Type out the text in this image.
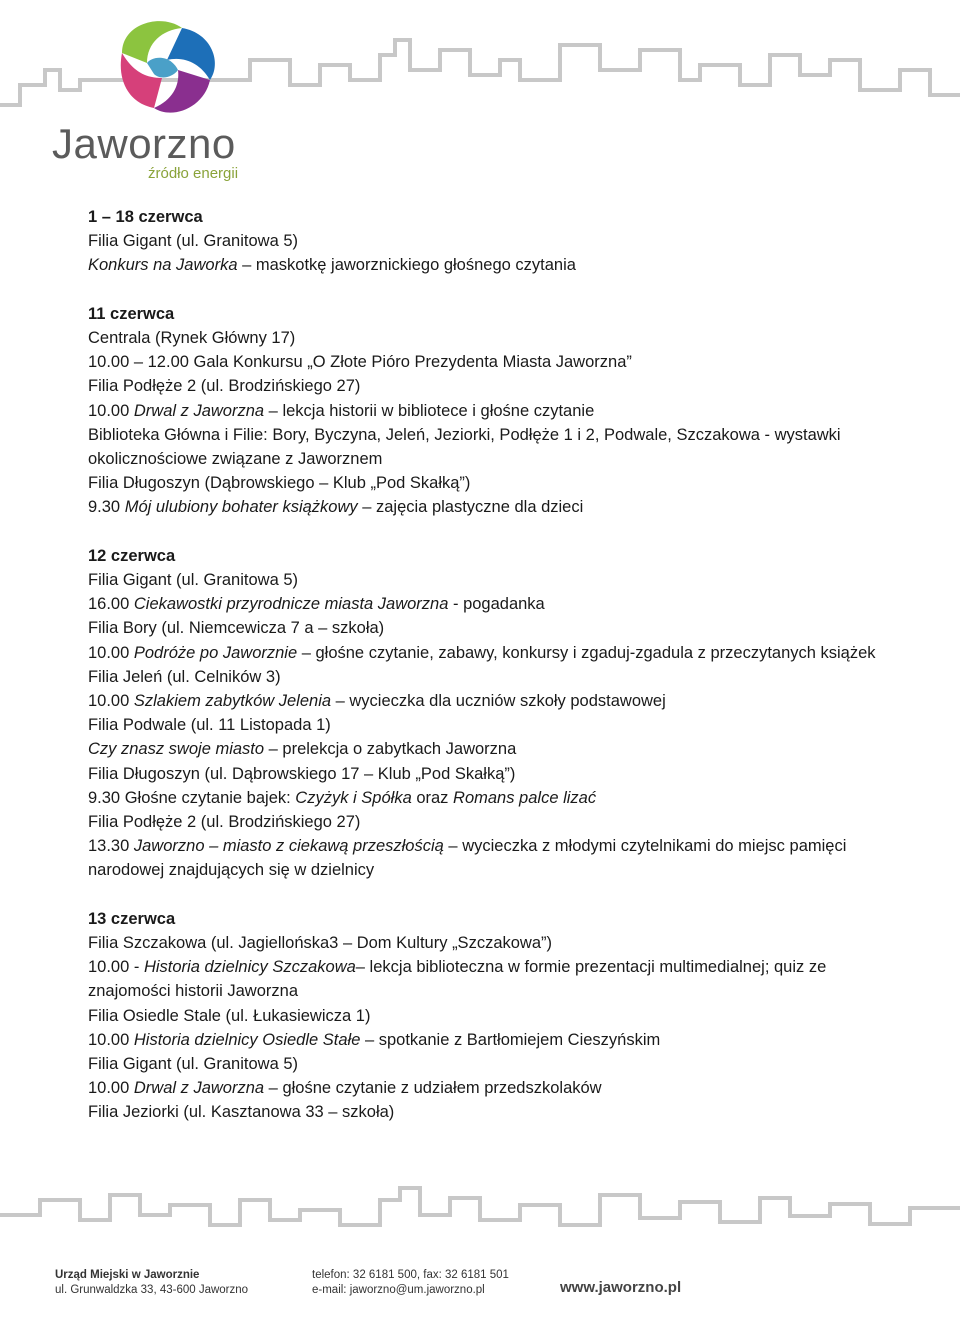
Jaworzno
źródło energii
1 – 18 czerwca
Filia Gigant (ul. Granitowa 5)
Konkurs na Jaworka – maskotkę jaworznickiego głośnego czytania
11 czerwca
Centrala (Rynek Główny 17)
10.00 – 12.00 Gala Konkursu „O Złote Pióro Prezydenta Miasta Jaworzna”
Filia Podłęże 2 (ul. Brodzińskiego 27)
10.00 Drwal z Jaworzna – lekcja historii w bibliotece i głośne czytanie
Biblioteka Główna i Filie: Bory, Byczyna, Jeleń, Jeziorki, Podłęże 1 i 2, Podwale, Szczakowa - wystawki okolicznościowe związane z Jaworznem
Filia Długoszyn (Dąbrowskiego – Klub „Pod Skałką”)
9.30 Mój ulubiony bohater książkowy – zajęcia plastyczne dla dzieci
12 czerwca
Filia Gigant (ul. Granitowa 5)
16.00 Ciekawostki przyrodnicze miasta Jaworzna - pogadanka
Filia Bory (ul. Niemcewicza 7 a – szkoła)
10.00 Podróże po Jaworznie – głośne czytanie, zabawy, konkursy i zgaduj-zgadula z przeczytanych książek
Filia Jeleń (ul. Celników 3)
10.00 Szlakiem zabytków Jelenia – wycieczka dla uczniów szkoły podstawowej
Filia Podwale (ul. 11 Listopada 1)
Czy znasz swoje miasto – prelekcja o zabytkach Jaworzna
Filia Długoszyn (ul. Dąbrowskiego 17 – Klub „Pod Skałką”)
9.30 Głośne czytanie bajek: Czyżyk i Spółka oraz Romans palce lizać
Filia Podłęże 2 (ul. Brodzińskiego 27)
13.30 Jaworzno – miasto z ciekawą przeszłością – wycieczka z młodymi czytelnikami do miejsc pamięci narodowej znajdujących się w dzielnicy
13 czerwca
Filia Szczakowa (ul. Jagiellońska3 – Dom Kultury „Szczakowa”)
10.00 - Historia dzielnicy Szczakowa– lekcja biblioteczna w formie prezentacji multimedialnej; quiz ze znajomości historii Jaworzna
Filia Osiedle Stale (ul. Łukasiewicza 1)
10.00 Historia dzielnicy Osiedle Stałe – spotkanie z Bartłomiejem Cieszyńskim
Filia Gigant (ul. Granitowa 5)
10.00 Drwal z Jaworzna – głośne czytanie z udziałem przedszkolaków
Filia Jeziorki (ul. Kasztanowa 33 – szkoła)
Urząd Miejski w Jaworznie
ul. Grunwaldzka 33, 43-600 Jaworzno
telefon: 32 6181 500, fax: 32 6181 501
e-mail: jaworzno@um.jaworzno.pl	www.jaworzno.pl
